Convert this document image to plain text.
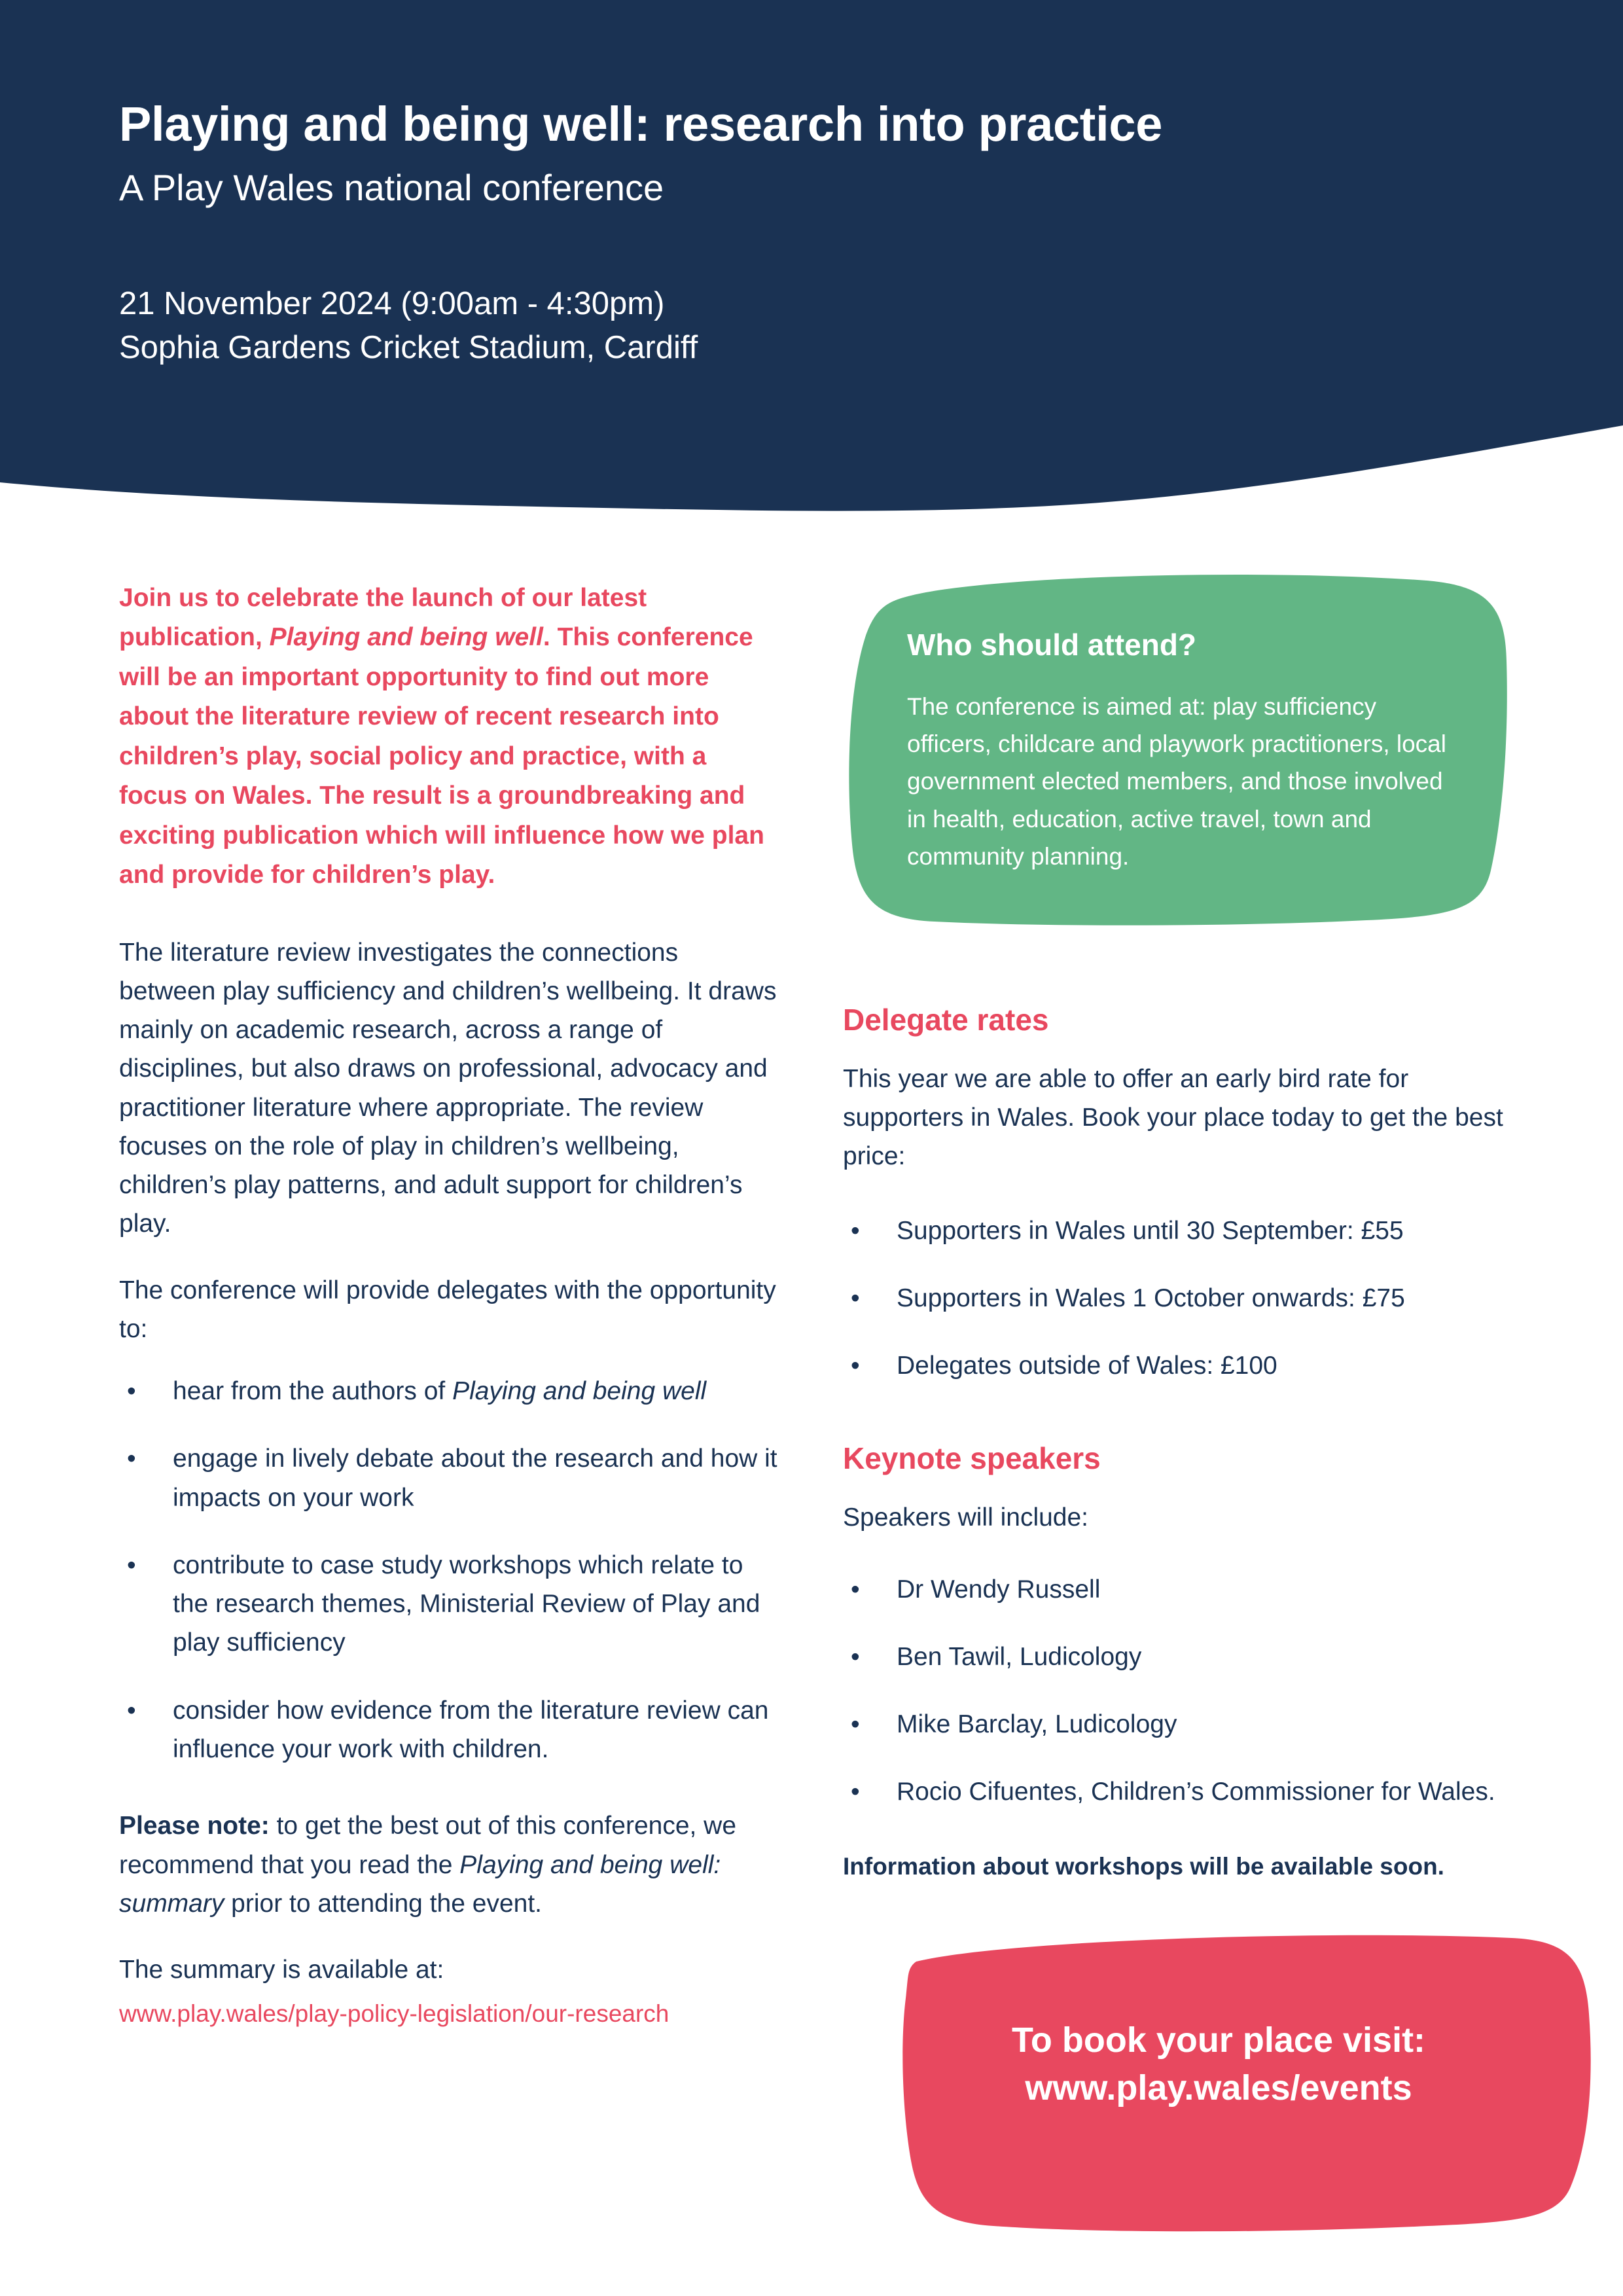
Playing and being well: research into practice
A Play Wales national conference
21 November 2024 (9:00am - 4:30pm)
Sophia Gardens Cricket Stadium, Cardiff

Join us to celebrate the launch of our latest publication, Playing and being well. This conference will be an important opportunity to find out more about the literature review of recent research into children’s play, social policy and practice, with a focus on Wales. The result is a groundbreaking and exciting publication which will influence how we plan and provide for children’s play.

The literature review investigates the connections between play sufficiency and children’s wellbeing. It draws mainly on academic research, across a range of disciplines, but also draws on professional, advocacy and practitioner literature where appropriate. The review focuses on the role of play in children’s wellbeing, children’s play patterns, and adult support for children’s play.

The conference will provide delegates with the opportunity to:

• hear from the authors of Playing and being well
• engage in lively debate about the research and how it impacts on your work
• contribute to case study workshops which relate to the research themes, Ministerial Review of Play and play sufficiency
• consider how evidence from the literature review can influence your work with children.

Please note: to get the best out of this conference, we recommend that you read the Playing and being well: summary prior to attending the event.

The summary is available at:

www.play.wales/play-policy-legislation/our-research

Who should attend?

The conference is aimed at: play sufficiency officers, childcare and playwork practitioners, local government elected members, and those involved in health, education, active travel, town and community planning.

Delegate rates

This year we are able to offer an early bird rate for supporters in Wales. Book your place today to get the best price:

• Supporters in Wales until 30 September: £55
• Supporters in Wales 1 October onwards: £75
• Delegates outside of Wales: £100
Keynote speakers

Speakers will include:

• Dr Wendy Russell
• Ben Tawil, Ludicology
• Mike Barclay, Ludicology
• Rocio Cifuentes, Children’s Commissioner for Wales.

Information about workshops will be available soon.

To book your place visit:
www.play.wales/events
